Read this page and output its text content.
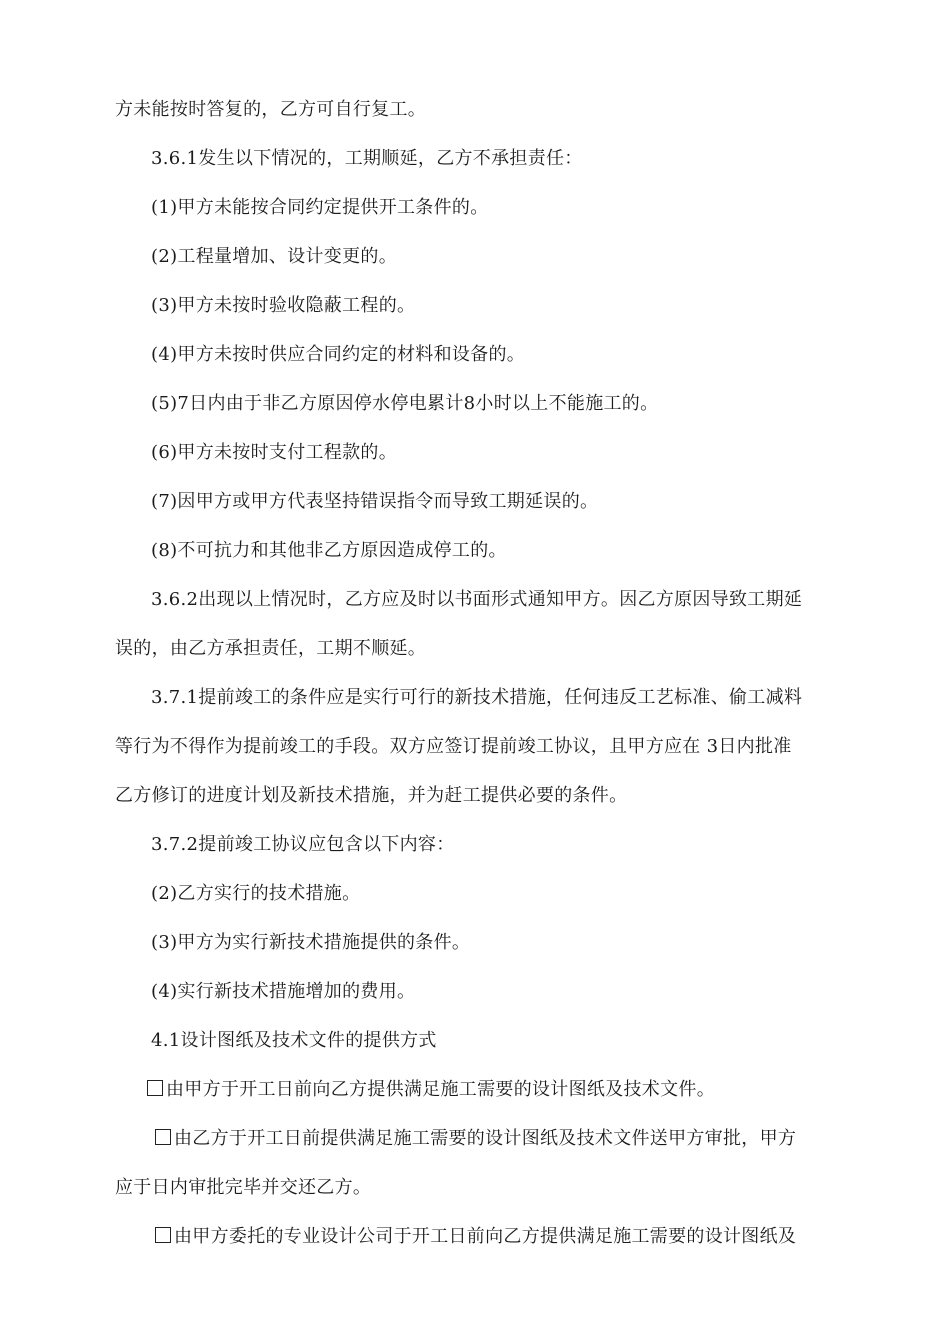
方未能按时答复的，乙方可自行复工。
3.6.1发生以下情况的，工期顺延，乙方不承担责任：
(1)甲方未能按合同约定提供开工条件的。
(2)工程量增加、设计变更的。
(3)甲方未按时验收隐蔽工程的。
(4)甲方未按时供应合同约定的材料和设备的。
(5)7日内由于非乙方原因停水停电累计8小时以上不能施工的。
(6)甲方未按时支付工程款的。
(7)因甲方或甲方代表坚持错误指令而导致工期延误的。
(8)不可抗力和其他非乙方原因造成停工的。
3.6.2出现以上情况时，乙方应及时以书面形式通知甲方。因乙方原因导致工期延
误的，由乙方承担责任，工期不顺延。
3.7.1提前竣工的条件应是实行可行的新技术措施，任何违反工艺标准、偷工减料
等行为不得作为提前竣工的手段。双方应签订提前竣工协议，且甲方应在 3日内批准
乙方修订的进度计划及新技术措施，并为赶工提供必要的条件。
3.7.2提前竣工协议应包含以下内容：
(2)乙方实行的技术措施。
(3)甲方为实行新技术措施提供的条件。
(4)实行新技术措施增加的费用。
4.1设计图纸及技术文件的提供方式
由甲方于开工日前向乙方提供满足施工需要的设计图纸及技术文件。
由乙方于开工日前提供满足施工需要的设计图纸及技术文件送甲方审批，甲方
应于日内审批完毕并交还乙方。
由甲方委托的专业设计公司于开工日前向乙方提供满足施工需要的设计图纸及
